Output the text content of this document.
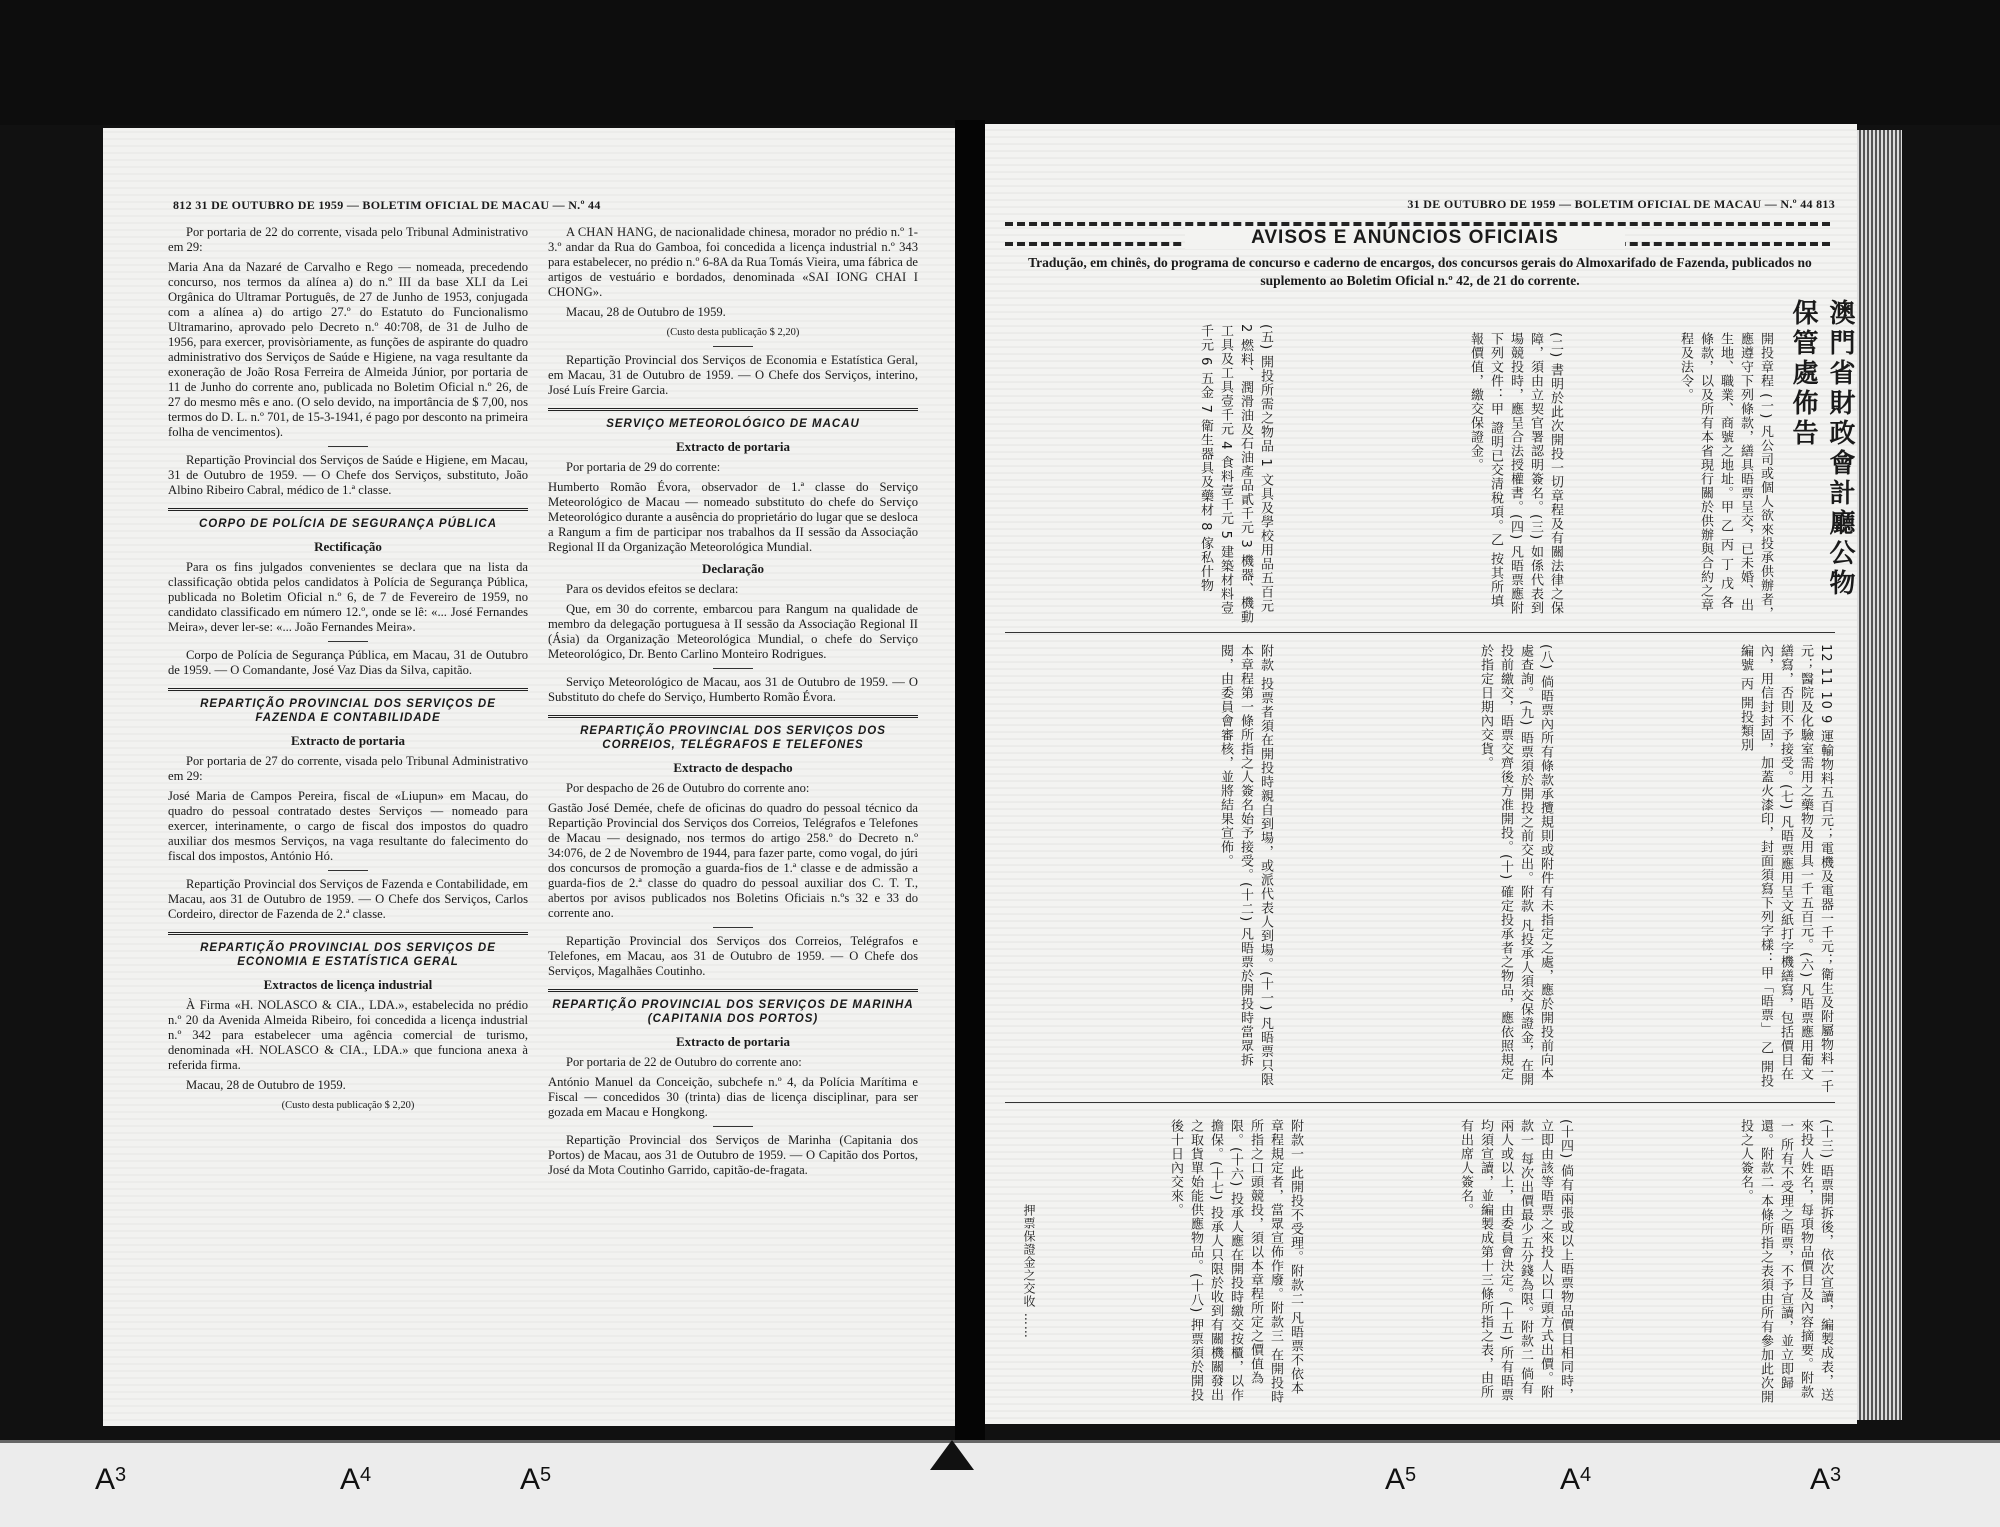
812 31 DE OUTUBRO DE 1959 — BOLETIM OFICIAL DE MACAU — N.º 44

Por portaria de 22 do corrente, visada pelo Tribunal Administrativo em 29:

Maria Ana da Nazaré de Carvalho e Rego — nomeada, precedendo concurso, nos termos da alínea a) do n.º III da base XLI da Lei Orgânica do Ultramar Português, de 27 de Junho de 1953, conjugada com a alínea a) do artigo 27.º do Estatuto do Funcionalismo Ultramarino, aprovado pelo Decreto n.º 40:708, de 31 de Julho de 1956, para exercer, provisòriamente, as funções de aspirante do quadro administrativo dos Serviços de Saúde e Higiene, na vaga resultante da exoneração de João Rosa Ferreira de Almeida Júnior, por portaria de 11 de Junho do corrente ano, publicada no Boletim Oficial n.º 26, de 27 do mesmo mês e ano. (O selo devido, na importância de $ 7,00, nos termos do D. L. n.º 701, de 15-3-1941, é pago por desconto na primeira folha de vencimentos).

Repartição Provincial dos Serviços de Saúde e Higiene, em Macau, 31 de Outubro de 1959. — O Chefe dos Serviços, substituto, João Albino Ribeiro Cabral, médico de 1.ª classe.

CORPO DE POLÍCIA DE SEGURANÇA PÚBLICA
Rectificação

Para os fins julgados convenientes se declara que na lista da classificação obtida pelos candidatos à Polícia de Segurança Pública, publicada no Boletim Oficial n.º 6, de 7 de Fevereiro de 1959, no candidato classificado em número 12.º, onde se lê: «... José Fernandes Meira», dever ler-se: «... João Fernandes Meira».

Corpo de Polícia de Segurança Pública, em Macau, 31 de Outubro de 1959. — O Comandante, José Vaz Dias da Silva, capitão.

REPARTIÇÃO PROVINCIAL DOS SERVIÇOS DE FAZENDA E CONTABILIDADE
Extracto de portaria

Por portaria de 27 do corrente, visada pelo Tribunal Administrativo em 29:

José Maria de Campos Pereira, fiscal de «Liupun» em Macau, do quadro do pessoal contratado destes Serviços — nomeado para exercer, interinamente, o cargo de fiscal dos impostos do quadro auxiliar dos mesmos Serviços, na vaga resultante do falecimento do fiscal dos impostos, António Hó.

Repartição Provincial dos Serviços de Fazenda e Contabilidade, em Macau, aos 31 de Outubro de 1959. — O Chefe dos Serviços, Carlos Cordeiro, director de Fazenda de 2.ª classe.

REPARTIÇÃO PROVINCIAL DOS SERVIÇOS DE ECONOMIA E ESTATÍSTICA GERAL
Extractos de licença industrial

À Firma «H. NOLASCO & CIA., LDA.», estabelecida no prédio n.º 20 da Avenida Almeida Ribeiro, foi concedida a licença industrial n.º 342 para estabelecer uma agência comercial de turismo, denominada «H. NOLASCO & CIA., LDA.» que funciona anexa à referida firma.

Macau, 28 de Outubro de 1959.

(Custo desta publicação $ 2,20)

A CHAN HANG, de nacionalidade chinesa, morador no prédio n.º 1-3.º andar da Rua do Gamboa, foi concedida a licença industrial n.º 343 para estabelecer, no prédio n.º 6-8A da Rua Tomás Vieira, uma fábrica de artigos de vestuário e bordados, denominada «SAI IONG CHAI I CHONG».

Macau, 28 de Outubro de 1959.

(Custo desta publicação $ 2,20)

Repartição Provincial dos Serviços de Economia e Estatística Geral, em Macau, 31 de Outubro de 1959. — O Chefe dos Serviços, interino, José Luís Freire Garcia.

SERVIÇO METEOROLÓGICO DE MACAU
Extracto de portaria

Por portaria de 29 do corrente:

Humberto Romão Évora, observador de 1.ª classe do Serviço Meteorológico de Macau — nomeado substituto do chefe do Serviço Meteorológico durante a ausência do proprietário do lugar que se desloca a Rangum a fim de participar nos trabalhos da II sessão da Associação Regional II da Organização Meteorológica Mundial.

Declaração

Para os devidos efeitos se declara:

Que, em 30 do corrente, embarcou para Rangum na qualidade de membro da delegação portuguesa à II sessão da Associação Regional II (Ásia) da Organização Meteorológica Mundial, o chefe do Serviço Meteorológico, Dr. Bento Carlino Monteiro Rodrigues.

Serviço Meteorológico de Macau, aos 31 de Outubro de 1959. — O Substituto do chefe do Serviço, Humberto Romão Évora.

REPARTIÇÃO PROVINCIAL DOS SERVIÇOS DOS CORREIOS, TELÉGRAFOS E TELEFONES
Extracto de despacho

Por despacho de 26 de Outubro do corrente ano:

Gastão José Demée, chefe de oficinas do quadro do pessoal técnico da Repartição Provincial dos Serviços dos Correios, Telégrafos e Telefones de Macau — designado, nos termos do artigo 258.º do Decreto n.º 34:076, de 2 de Novembro de 1944, para fazer parte, como vogal, do júri dos concursos de promoção a guarda-fios de 1.ª classe e de admissão a guarda-fios de 2.ª classe do quadro do pessoal auxiliar dos C. T. T., abertos por avisos publicados nos Boletins Oficiais n.ºs 32 e 33 do corrente ano.

Repartição Provincial dos Serviços dos Correios, Telégrafos e Telefones, em Macau, aos 31 de Outubro de 1959. — O Chefe dos Serviços, Magalhães Coutinho.

REPARTIÇÃO PROVINCIAL DOS SERVIÇOS DE MARINHA (CAPITANIA DOS PORTOS)
Extracto de portaria

Por portaria de 22 de Outubro do corrente ano:

António Manuel da Conceição, subchefe n.º 4, da Polícia Marítima e Fiscal — concedidos 30 (trinta) dias de licença disciplinar, para ser gozada em Macau e Hongkong.

Repartição Provincial dos Serviços de Marinha (Capitania dos Portos) de Macau, aos 31 de Outubro de 1959. — O Capitão dos Portos, José da Mota Coutinho Garrido, capitão-de-fragata.

31 DE OUTUBRO DE 1959 — BOLETIM OFICIAL DE MACAU — N.º 44 813
AVISOS E ANÚNCIOS OFICIAIS
Tradução, em chinês, do programa de concurso e caderno de encargos, dos concursos gerais do Almoxarifado de Fazenda, publicados no suplemento ao Boletim Oficial n.º 42, de 21 do corrente.
澳門省財政會計廳公物保管處佈告
開投章程 (一) 凡公司或個人欲來投承供辦者，應遵守下列條款，繕具晤票呈交，已未婚、出生地、職業、商號之地址。甲 乙 丙 丁 戊 各條款，以及所有本省現行關於供辦與合約之章程及法令。
(二) 書明於此次開投一切章程及有關法律之保障，須由立契官署認明簽名。(三) 如係代表到場競投時，應呈合法授權書。(四) 凡晤票應附下列文件：甲 證明已交清稅項。乙 按其所填報價值，繳交保證金。
(五) 開投所需之物品 1 文具及學校用品五百元 2 燃料、潤滑油及石油產品貳千元 3 機器、機動工具及工具壹千元 4 食料壹千元 5 建築材料壹千元 6 五金 7 衛生器具及藥材 8 傢私什物
12 11 10 9 運輸物料五百元；電機及電器一千元；衛生及附屬物料一千元；醫院及化驗室需用之藥物及用具一千五百元。(六) 凡晤票應用葡文繕寫，否則不予接受。(七) 凡晤票應用呈文紙打字機繕寫，包括價目在內，用信封封固，加蓋火漆印，封面須寫下列字樣：甲「晤票」 乙 開投編號 丙 開投類別
(八) 倘晤票內所有條款承攬規則或附件有未指定之處，應於開投前向本處查詢。(九) 晤票須於開投之前交出。附款 凡投承人須交保證金，在開投前繳交，晤票交齊後方准開投。(十) 確定投承者之物品，應依照規定於指定日期內交貨。
附款 投票者須在開投時親自到場，或派代表人到場。(十一) 凡晤票只限本章程第一條所指之人簽名始予接受。(十二) 凡晤票於開投時當眾拆閱，由委員會審核，並將結果宣佈。
(十三) 晤票開拆後，依次宣讀，編製成表，送來投人姓名，每項物品價目及內容摘要。附款一 所有不受理之晤票，不予宣讀，並立即歸還。附款二 本條所指之表須由所有參加此次開投之人簽名。
(十四) 倘有兩張或以上晤票物品價目相同時，立即由該等晤票之來投人以口頭方式出價。附款一 每次出價最少五分錢為限。附款二 倘有兩人或以上，由委員會決定。(十五) 所有晤票均須宣讀，並編製成第十三條所指之表，由所有出席人簽名。
附款一 此開投不受理。附款二 凡晤票不依本章程規定者，當眾宣佈作廢。附款三 在開投時所指之口頭競投，須以本章程所定之價值為限。(十六) 投承人應在開投時繳交按櫃，以作擔保。(十七) 投承人只限於收到有關機關發出之取貨單始能供應物品。(十八) 押票須於開投後十日內交來。
押票保證金之交收 ……
$A^3$	$A^4$	$A^5$	$A^5$	$A^4$	$A^3$
